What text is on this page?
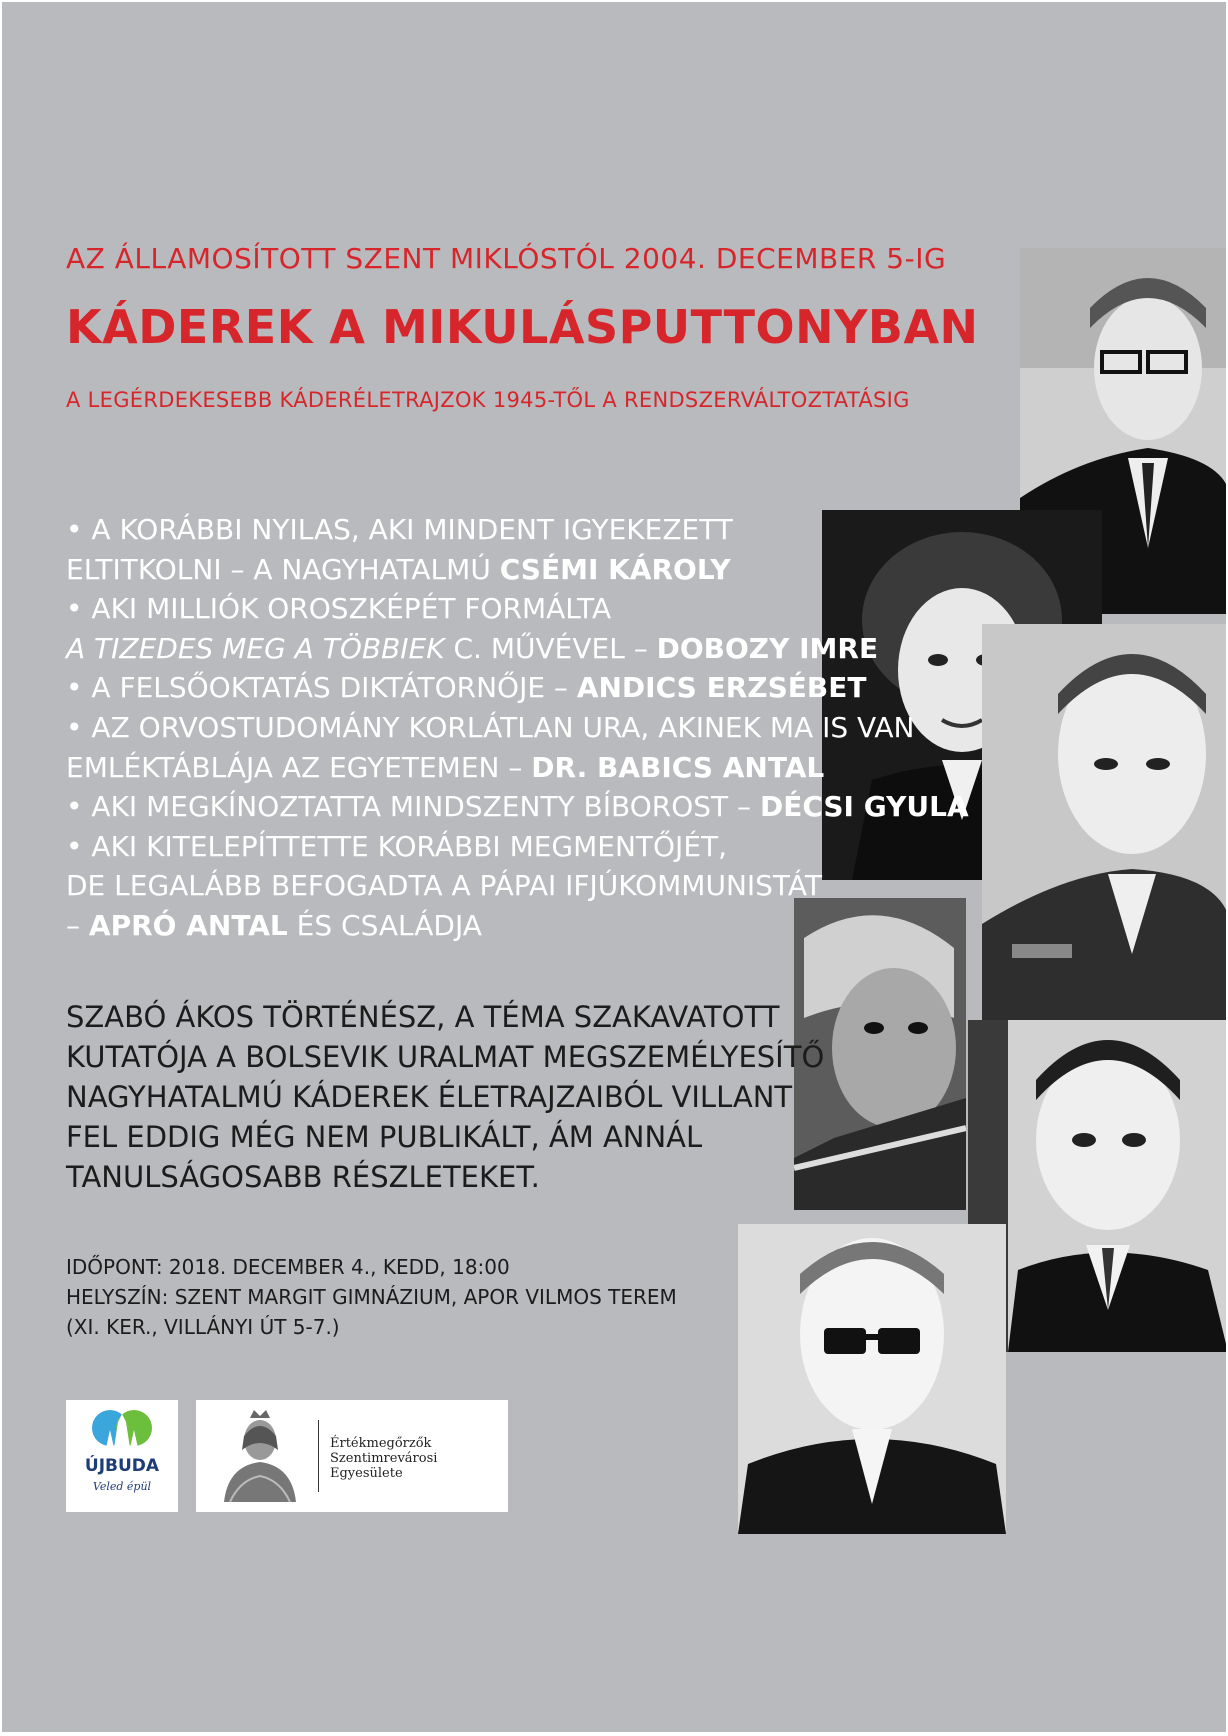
AZ ÁLLAMOSÍTOTT SZENT MIKLÓSTÓL 2004. DECEMBER 5-IG
KÁDEREK A MIKULÁSPUTTONYBAN
A LEGÉRDEKESEBB KÁDERÉLETRAJZOK 1945-TŐL A RENDSZERVÁLTOZTATÁSIG
• A KORÁBBI NYILAS, AKI MINDENT IGYEKEZETT
ELTITKOLNI – A NAGYHATALMÚ CSÉMI KÁROLY
• AKI MILLIÓK OROSZKÉPÉT FORMÁLTA
A TIZEDES MEG A TÖBBIEK C. MŰVÉVEL – DOBOZY IMRE
• A FELSŐOKTATÁS DIKTÁTORNŐJE – ANDICS ERZSÉBET
• AZ ORVOSTUDOMÁNY KORLÁTLAN URA, AKINEK MA IS VAN
EMLÉKTÁBLÁJA AZ EGYETEMEN – DR. BABICS ANTAL
• AKI MEGKÍNOZTATTA MINDSZENTY BÍBOROST – DÉCSI GYULA
• AKI KITELEPÍTTETTE KORÁBBI MEGMENTŐJÉT,
DE LEGALÁBB BEFOGADTA A PÁPAI IFJÚKOMMUNISTÁT
– APRÓ ANTAL ÉS CSALÁDJA
SZABÓ ÁKOS TÖRTÉNÉSZ, A TÉMA SZAKAVATOTT
KUTATÓJA A BOLSEVIK URALMAT MEGSZEMÉLYESÍTŐ
NAGYHATALMÚ KÁDEREK ÉLETRAJZAIBÓL VILLANT
FEL EDDIG MÉG NEM PUBLIKÁLT, ÁM ANNÁL
TANULSÁGOSABB RÉSZLETEKET.
IDŐPONT: 2018. DECEMBER 4., KEDD, 18:00
HELYSZÍN: SZENT MARGIT GIMNÁZIUM, APOR VILMOS TEREM
(XI. KER., VILLÁNYI ÚT 5-7.)
ÚJBUDA
Veled épül
Értékmegőrzők
Szentimrevárosi
Egyesülete
